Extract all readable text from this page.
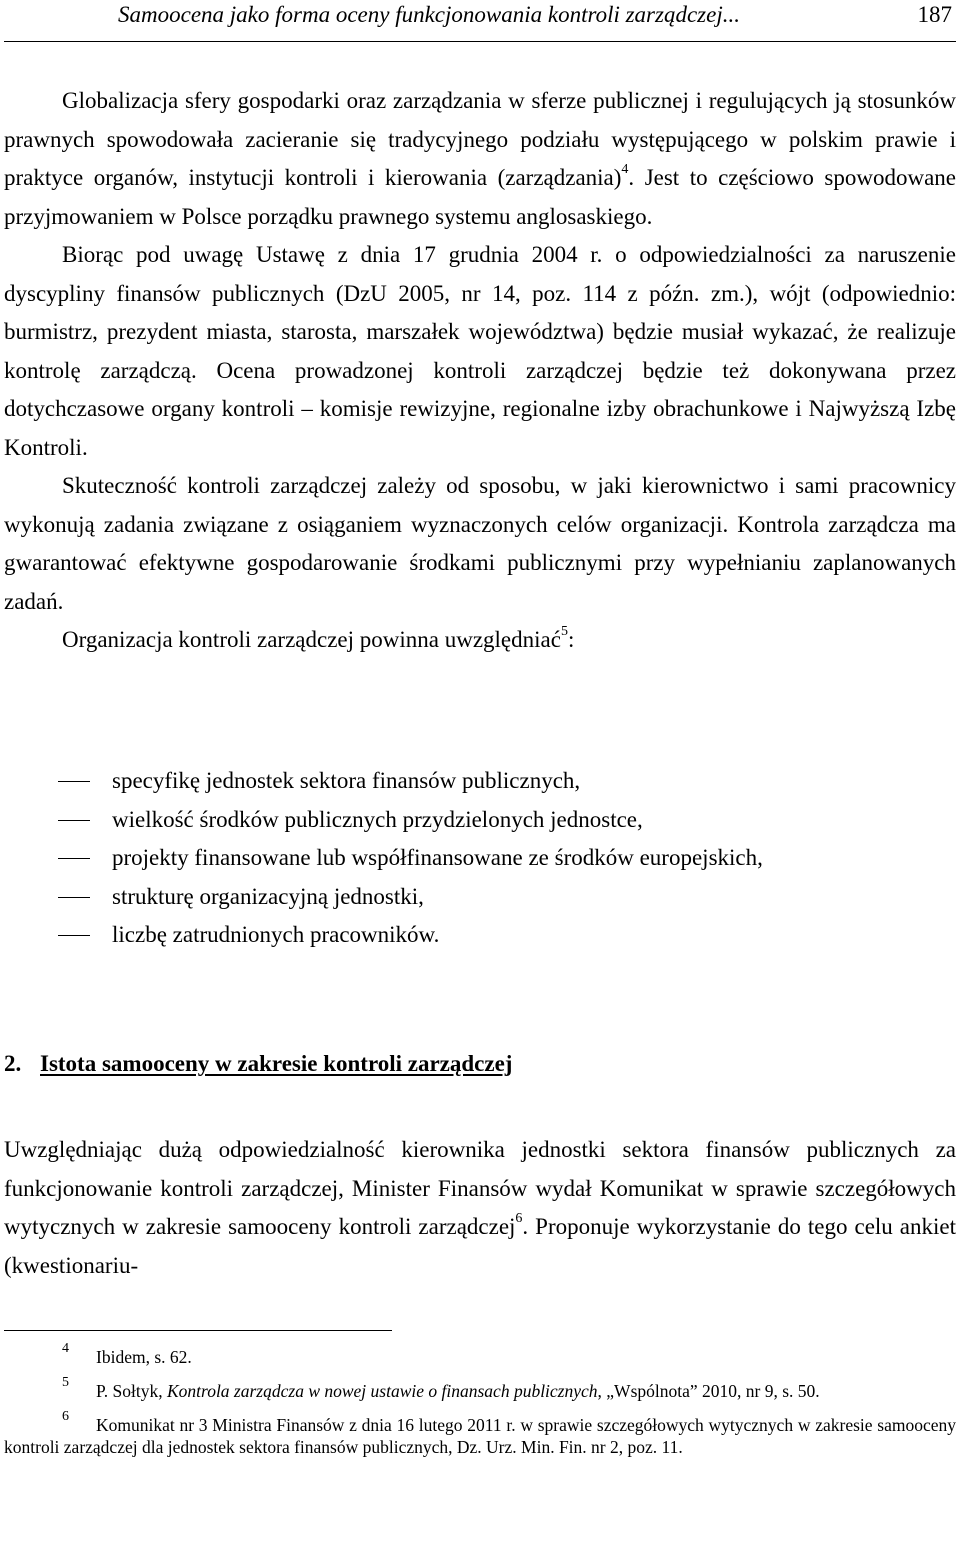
Samoocena jako forma oceny funkcjonowania kontroli zarządczej...	187

Globalizacja sfery gospodarki oraz zarządzania w sferze publicznej i regulujących ją stosunków prawnych spowodowała zacieranie się tradycyjnego podziału występującego w polskim prawie i praktyce organów, instytucji kontroli i kierowania (zarządzania)$^4$. Jest to częściowo spowodowane przyjmowaniem w Polsce porządku prawnego systemu anglosaskiego.

Biorąc pod uwagę Ustawę z dnia 17 grudnia 2004 r. o odpowiedzialności za naruszenie dyscypliny finansów publicznych (DzU 2005, nr 14, poz. 114 z późn. zm.), wójt (odpowiednio: burmistrz, prezydent miasta, starosta, marszałek województwa) będzie musiał wykazać, że realizuje kontrolę zarządczą. Ocena prowadzonej kontroli zarządczej będzie też dokonywana przez dotychczasowe organy kontroli – komisje rewizyjne, regionalne izby obrachunkowe i Najwyższą Izbę Kontroli.

Skuteczność kontroli zarządczej zależy od sposobu, w jaki kierownictwo i sami pracownicy wykonują zadania związane z osiąganiem wyznaczonych celów organizacji. Kontrola zarządcza ma gwarantować efektywne gospodarowanie środkami publicznymi przy wypełnianiu zaplanowanych zadań.

Organizacja kontroli zarządczej powinna uwzględniać$^5$:

specyfikę jednostek sektora finansów publicznych,
wielkość środków publicznych przydzielonych jednostce,
projekty finansowane lub współfinansowane ze środków europejskich,
strukturę organizacyjną jednostki,
liczbę zatrudnionych pracowników.
2. Istota samooceny w zakresie kontroli zarządczej

Uwzględniając dużą odpowiedzialność kierownika jednostki sektora finansów publicznych za funkcjonowanie kontroli zarządczej, Minister Finansów wydał Komunikat w sprawie szczegółowych wytycznych w zakresie samooceny kontroli zarządczej$^6$. Proponuje wykorzystanie do tego celu ankiet (kwestionariu-

4 Ibidem, s. 62.
5 P. Sołtyk, Kontrola zarządcza w nowej ustawie o finansach publicznych, „Wspólnota” 2010, nr 9, s. 50.
6 Komunikat nr 3 Ministra Finansów z dnia 16 lutego 2011 r. w sprawie szczegółowych wytycznych w zakresie samooceny kontroli zarządczej dla jednostek sektora finansów publicznych, Dz. Urz. Min. Fin. nr 2, poz. 11.
